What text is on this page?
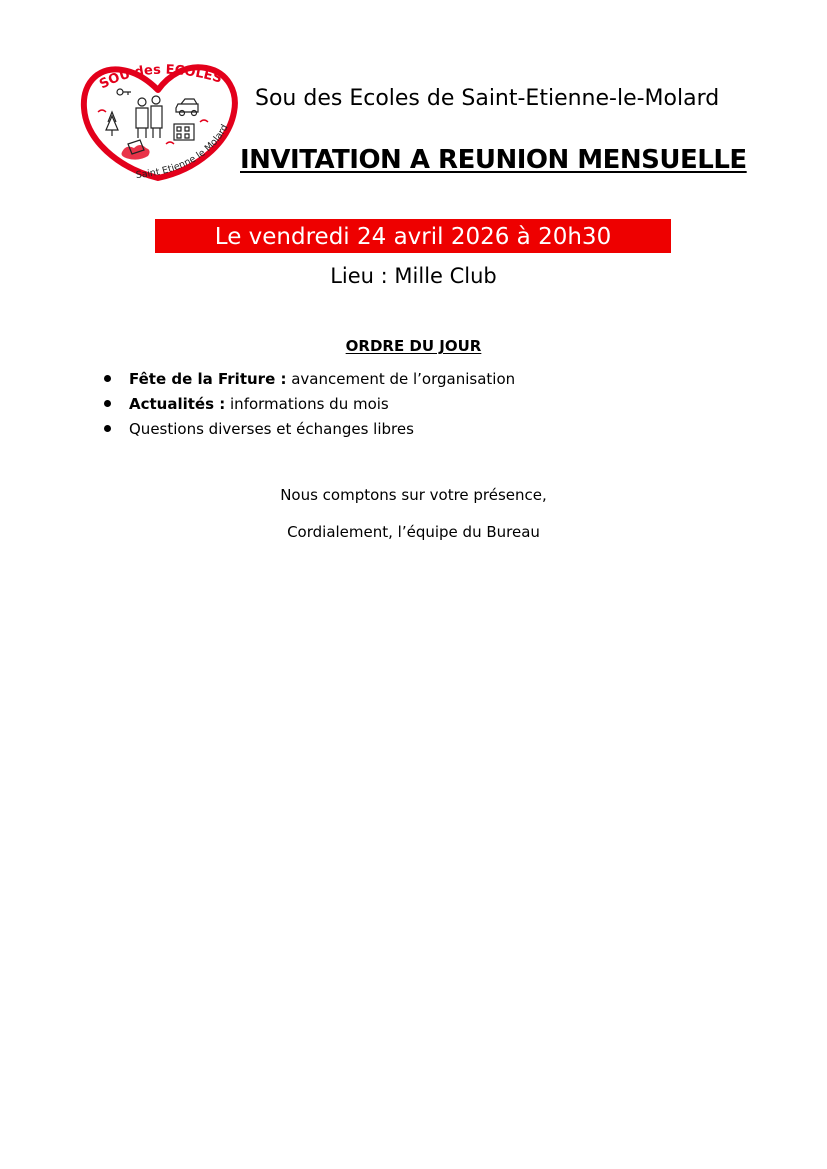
SOU des ECOLES
Saint Etienne le Molard
Sou des Ecoles de Saint-Etienne-le-Molard
INVITATION A REUNION MENSUELLE
Le vendredi 24 avril 2026 à 20h30
Lieu : Mille Club
ORDRE DU JOUR
Fête de la Friture : avancement de l’organisation
Actualités : informations du mois
Questions diverses et échanges libres
Nous comptons sur votre présence,
Cordialement, l’équipe du Bureau
